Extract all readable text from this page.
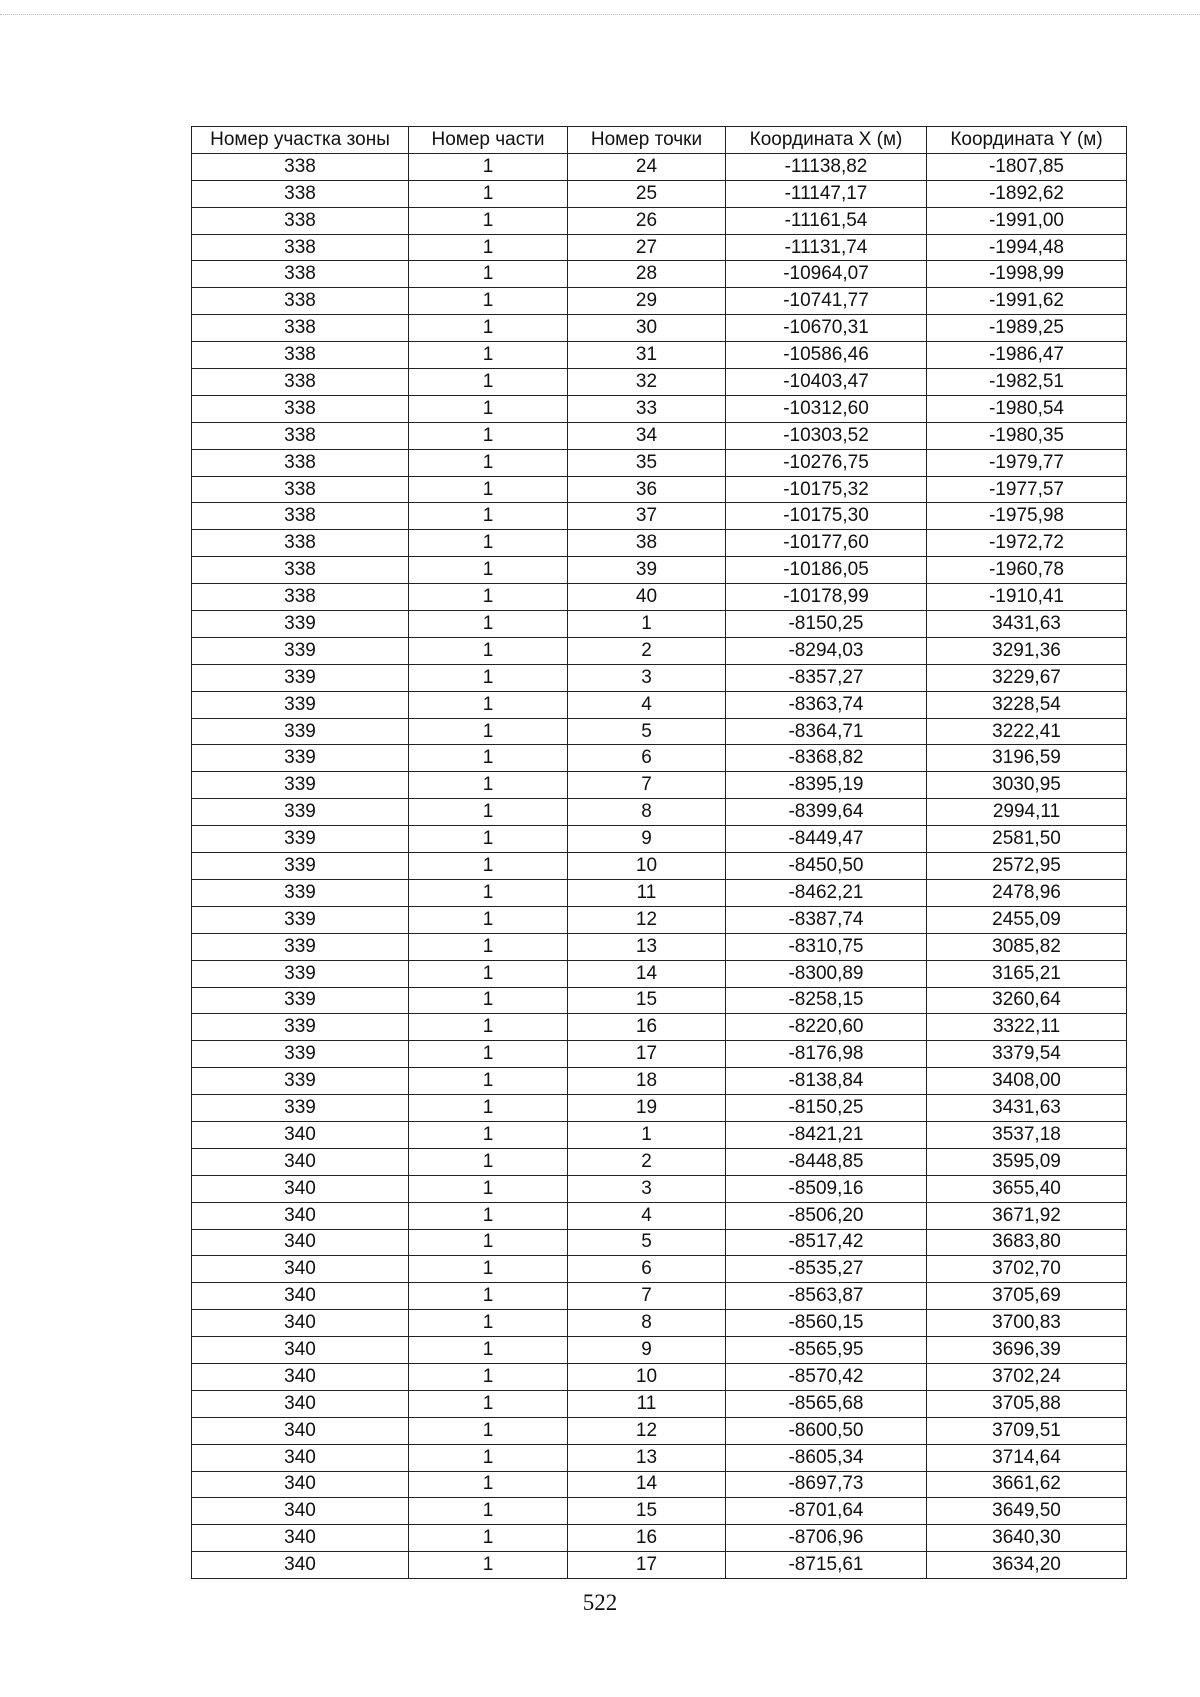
Номер участка зоны	Номер части	Номер точки	Координата X (м)	Координата Y (м)
338	1	24	-11138,82	-1807,85
338	1	25	-11147,17	-1892,62
338	1	26	-11161,54	-1991,00
338	1	27	-11131,74	-1994,48
338	1	28	-10964,07	-1998,99
338	1	29	-10741,77	-1991,62
338	1	30	-10670,31	-1989,25
338	1	31	-10586,46	-1986,47
338	1	32	-10403,47	-1982,51
338	1	33	-10312,60	-1980,54
338	1	34	-10303,52	-1980,35
338	1	35	-10276,75	-1979,77
338	1	36	-10175,32	-1977,57
338	1	37	-10175,30	-1975,98
338	1	38	-10177,60	-1972,72
338	1	39	-10186,05	-1960,78
338	1	40	-10178,99	-1910,41
339	1	1	-8150,25	3431,63
339	1	2	-8294,03	3291,36
339	1	3	-8357,27	3229,67
339	1	4	-8363,74	3228,54
339	1	5	-8364,71	3222,41
339	1	6	-8368,82	3196,59
339	1	7	-8395,19	3030,95
339	1	8	-8399,64	2994,11
339	1	9	-8449,47	2581,50
339	1	10	-8450,50	2572,95
339	1	11	-8462,21	2478,96
339	1	12	-8387,74	2455,09
339	1	13	-8310,75	3085,82
339	1	14	-8300,89	3165,21
339	1	15	-8258,15	3260,64
339	1	16	-8220,60	3322,11
339	1	17	-8176,98	3379,54
339	1	18	-8138,84	3408,00
339	1	19	-8150,25	3431,63
340	1	1	-8421,21	3537,18
340	1	2	-8448,85	3595,09
340	1	3	-8509,16	3655,40
340	1	4	-8506,20	3671,92
340	1	5	-8517,42	3683,80
340	1	6	-8535,27	3702,70
340	1	7	-8563,87	3705,69
340	1	8	-8560,15	3700,83
340	1	9	-8565,95	3696,39
340	1	10	-8570,42	3702,24
340	1	11	-8565,68	3705,88
340	1	12	-8600,50	3709,51
340	1	13	-8605,34	3714,64
340	1	14	-8697,73	3661,62
340	1	15	-8701,64	3649,50
340	1	16	-8706,96	3640,30
340	1	17	-8715,61	3634,20
522
